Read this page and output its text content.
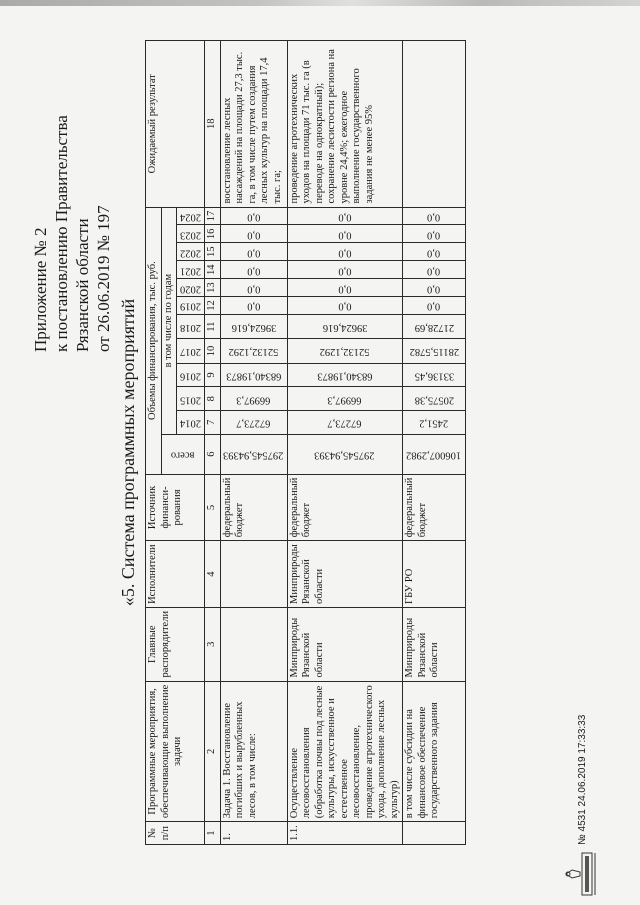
Приложение № 2 к постановлению Правительства Рязанской области от 26.06.2019 № 197
«5. Система программных мероприятий
№ п/п	Программные мероприятия, обеспечивающие выполнение задачи	Главные распорядители	Исполнители	Источник финанси-рования	Объемы финансирования, тыс. руб.												Ожидаемый результат
					всего	в том числе по годам											
						2014	2015	2016	2017	2018	2019	2020	2021	2022	2023	2024	
1	2	3	4	5	6	7	8	9	10	11	12	13	14	15	16	17	18
1.	Задача 1. Восстановление погибших и вырубленных лесов, в том числе:			федеральный бюджет	297545,94393	67273,7	66997,3	68340,19873	52132,1292	39624,616	0,0	0,0	0,0	0,0	0,0	0,0	восстановление лесных насаждений на площади 27,3 тыс. га, в том числе путем создания лесных культур на площади 17,4 тыс. га;
1.1.	Осуществление лесовосстановления (обработка почвы под лесные культуры, искусственное и естественное лесовосстановление, проведение агротехнического ухода, дополнение лесных культур)	Минприроды Рязанской области	Минприроды Рязанской области	федеральный бюджет	297545,94393	67273,7	66997,3	68340,19873	52132,1292	39624,616	0,0	0,0	0,0	0,0	0,0	0,0	проведение агротехнических уходов на площади 71 тыс. га (в переводе на однократный); сохранение лесистости региона на уровне 24,4%; ежегодное выполнение государственного задания не менее 95%
	в том числе субсидии на финансовое обеспечение государственного задания	Минприроды Рязанской области	ГБУ РО	федеральный бюджет	106007,2982	2451,2	20575,38	33136,45	28115,5782	21728,69	0,0	0,0	0,0	0,0	0,0	0,0	
№ 4531 24.06.2019 17:33:33
